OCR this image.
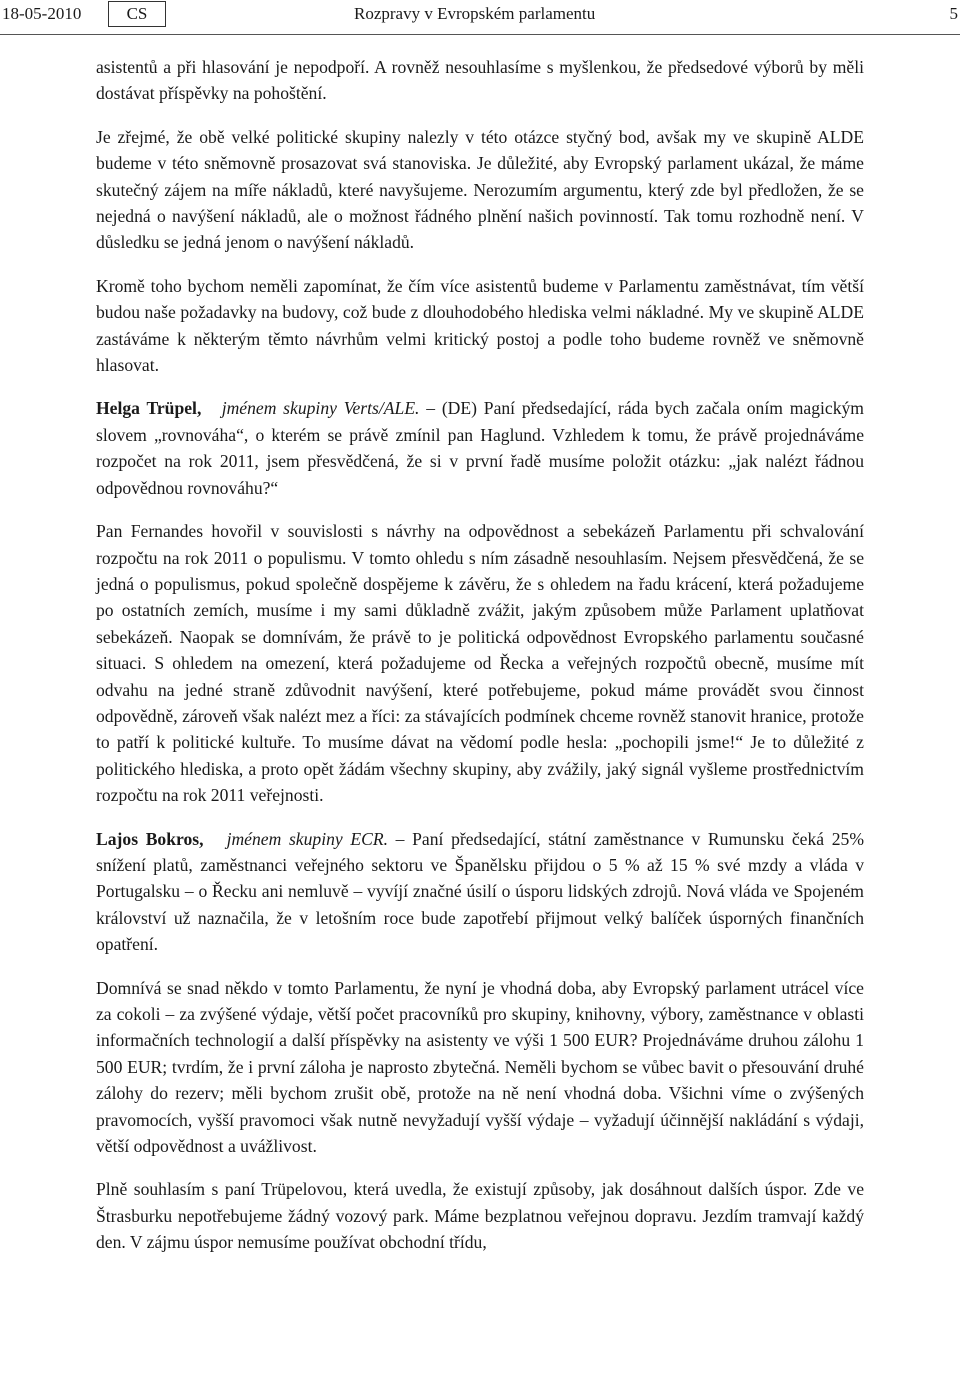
18-05-2010	CS	Rozpravy v Evropském parlamentu	5

asistentů a při hlasování je nepodpoří. A rovněž nesouhlasíme s myšlenkou, že předsedové výborů by měli dostávat příspěvky na pohoštění.

Je zřejmé, že obě velké politické skupiny nalezly v této otázce styčný bod, avšak my ve skupině ALDE budeme v této sněmovně prosazovat svá stanoviska. Je důležité, aby Evropský parlament ukázal, že máme skutečný zájem na míře nákladů, které navyšujeme. Nerozumím argumentu, který zde byl předložen, že se nejedná o navýšení nákladů, ale o možnost řádného plnění našich povinností. Tak tomu rozhodně není. V důsledku se jedná jenom o navýšení nákladů.

Kromě toho bychom neměli zapomínat, že čím více asistentů budeme v Parlamentu zaměstnávat, tím větší budou naše požadavky na budovy, což bude z dlouhodobého hlediska velmi nákladné. My ve skupině ALDE zastáváme k některým těmto návrhům velmi kritický postoj a podle toho budeme rovněž ve sněmovně hlasovat.

Helga Trüpel, jménem skupiny Verts/ALE. – (DE) Paní předsedající, ráda bych začala oním magickým slovem „rovnováha“, o kterém se právě zmínil pan Haglund. Vzhledem k tomu, že právě projednáváme rozpočet na rok 2011, jsem přesvědčená, že si v první řadě musíme položit otázku: „jak nalézt řádnou odpovědnou rovnováhu?“

Pan Fernandes hovořil v souvislosti s návrhy na odpovědnost a sebekázeň Parlamentu při schvalování rozpočtu na rok 2011 o populismu. V tomto ohledu s ním zásadně nesouhlasím. Nejsem přesvědčená, že se jedná o populismus, pokud společně dospějeme k závěru, že s ohledem na řadu krácení, která požadujeme po ostatních zemích, musíme i my sami důkladně zvážit, jakým způsobem může Parlament uplatňovat sebekázeň. Naopak se domnívám, že právě to je politická odpovědnost Evropského parlamentu současné situaci. S ohledem na omezení, která požadujeme od Řecka a veřejných rozpočtů obecně, musíme mít odvahu na jedné straně zdůvodnit navýšení, které potřebujeme, pokud máme provádět svou činnost odpovědně, zároveň však nalézt mez a říci: za stávajících podmínek chceme rovněž stanovit hranice, protože to patří k politické kultuře. To musíme dávat na vědomí podle hesla: „pochopili jsme!“ Je to důležité z politického hlediska, a proto opět žádám všechny skupiny, aby zvážily, jaký signál vyšleme prostřednictvím rozpočtu na rok 2011 veřejnosti.

Lajos Bokros, jménem skupiny ECR. – Paní předsedající, státní zaměstnance v Rumunsku čeká 25% snížení platů, zaměstnanci veřejného sektoru ve Španělsku přijdou o 5 % až 15 % své mzdy a vláda v Portugalsku – o Řecku ani nemluvě – vyvíjí značné úsilí o úsporu lidských zdrojů. Nová vláda ve Spojeném království už naznačila, že v letošním roce bude zapotřebí přijmout velký balíček úsporných finančních opatření.

Domnívá se snad někdo v tomto Parlamentu, že nyní je vhodná doba, aby Evropský parlament utrácel více za cokoli – za zvýšené výdaje, větší počet pracovníků pro skupiny, knihovny, výbory, zaměstnance v oblasti informačních technologií a další příspěvky na asistenty ve výši 1 500 EUR? Projednáváme druhou zálohu 1 500 EUR; tvrdím, že i první záloha je naprosto zbytečná. Neměli bychom se vůbec bavit o přesouvání druhé zálohy do rezerv; měli bychom zrušit obě, protože na ně není vhodná doba. Všichni víme o zvýšených pravomocích, vyšší pravomoci však nutně nevyžadují vyšší výdaje – vyžadují účinnější nakládání s výdaji, větší odpovědnost a uvážlivost.

Plně souhlasím s paní Trüpelovou, která uvedla, že existují způsoby, jak dosáhnout dalších úspor. Zde ve Štrasburku nepotřebujeme žádný vozový park. Máme bezplatnou veřejnou dopravu. Jezdím tramvají každý den. V zájmu úspor nemusíme používat obchodní třídu,
